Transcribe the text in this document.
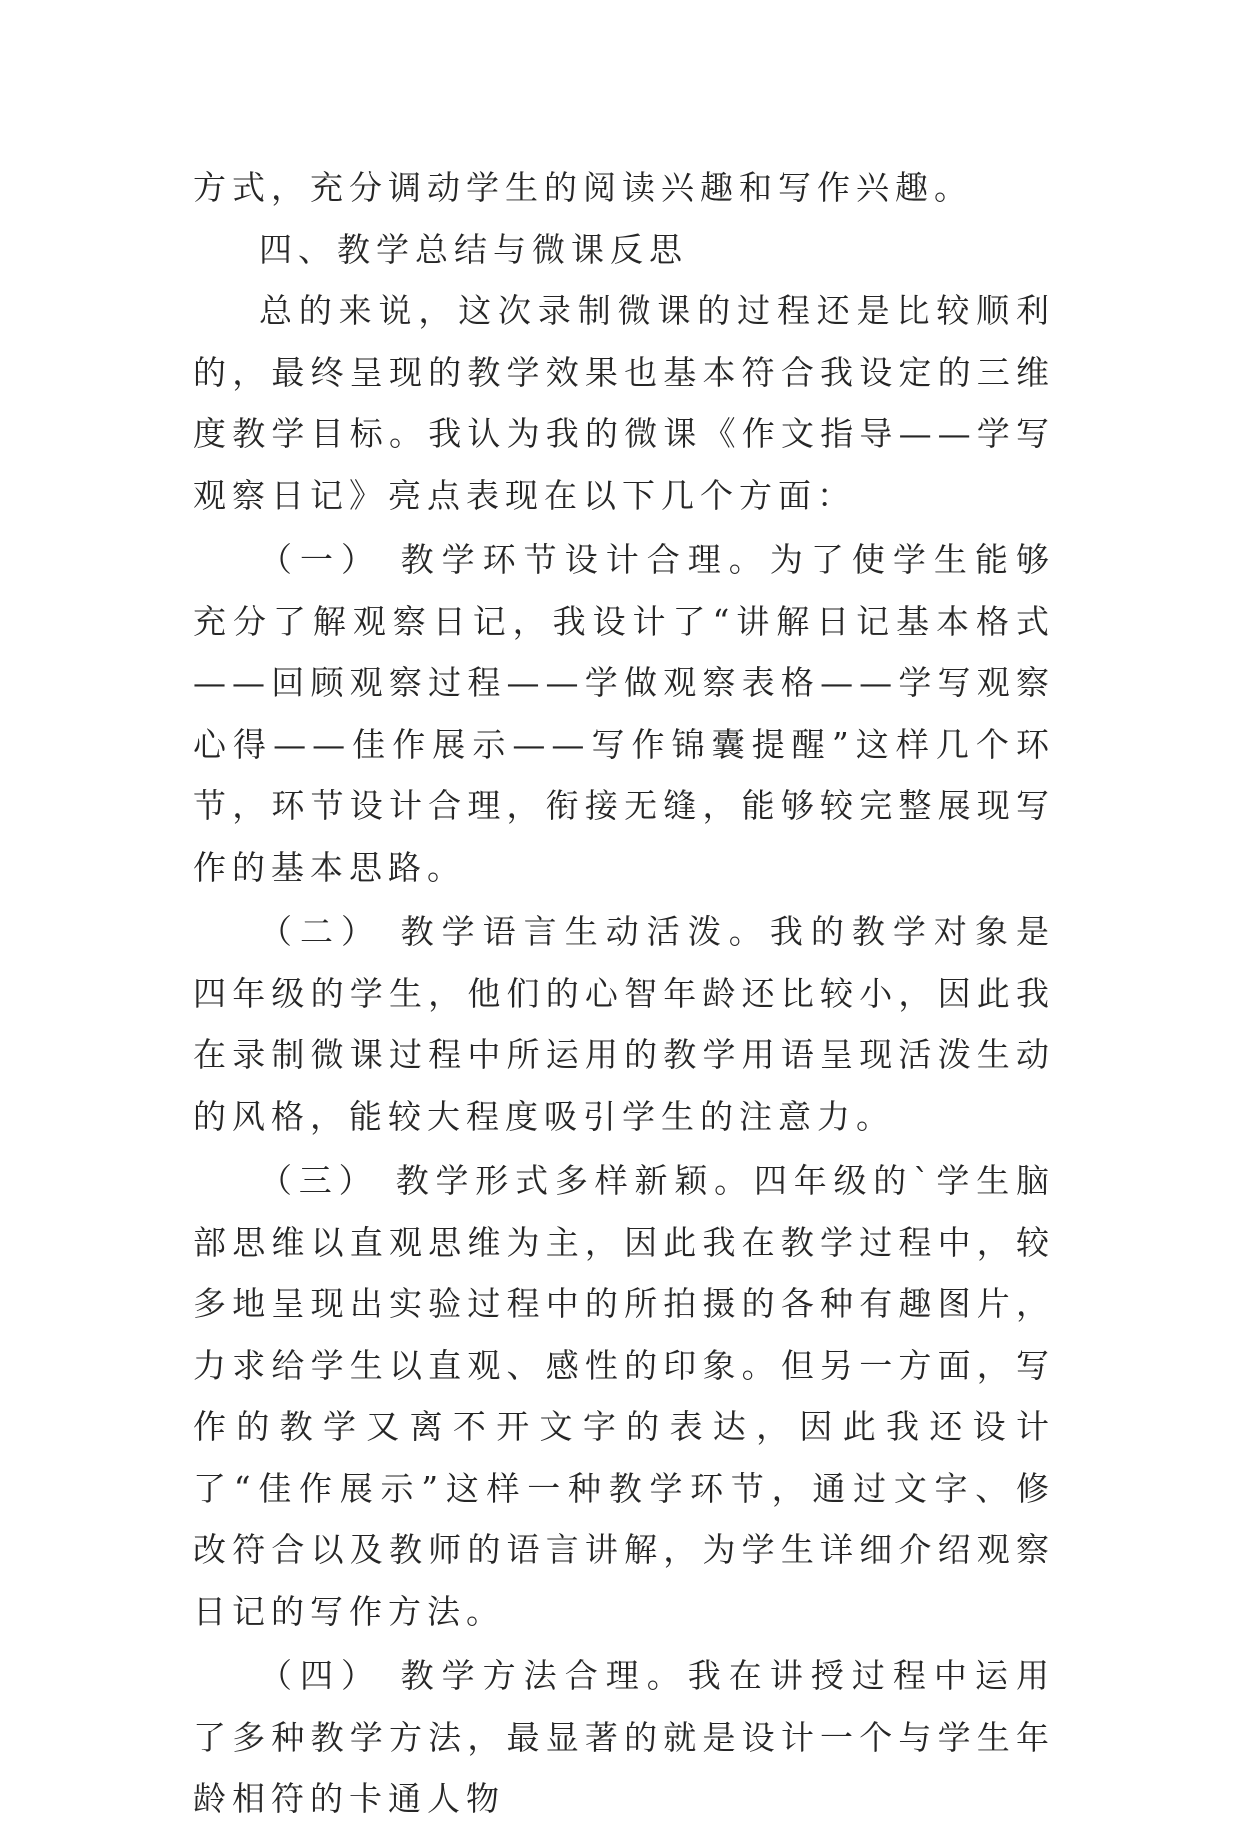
方式，充分调动学生的阅读兴趣和写作兴趣。

四、教学总结与微课反思

总的来说，这次录制微课的过程还是比较顺利的，最终呈现的教学效果也基本符合我设定的三维度教学目标。我认为我的微课《作文指导——学写观察日记》亮点表现在以下几个方面：

（一） 教学环节设计合理。为了使学生能够充分了解观察日记，我设计了“讲解日记基本格式——回顾观察过程——学做观察表格——学写观察心得——佳作展示——写作锦囊提醒”这样几个环节，环节设计合理，衔接无缝，能够较完整展现写作的基本思路。

（二） 教学语言生动活泼。我的教学对象是四年级的学生，他们的心智年龄还比较小，因此我在录制微课过程中所运用的教学用语呈现活泼生动的风格，能较大程度吸引学生的注意力。

（三） 教学形式多样新颖。四年级的`学生脑部思维以直观思维为主，因此我在教学过程中，较多地呈现出实验过程中的所拍摄的各种有趣图片，力求给学生以直观、感性的印象。但另一方面，写作的教学又离不开文字的表达，因此我还设计了“佳作展示”这样一种教学环节，通过文字、修改符合以及教师的语言讲解，为学生详细介绍观察日记的写作方法。

（四） 教学方法合理。我在讲授过程中运用了多种教学方法，最显著的就是设计一个与学生年龄相符的卡通人物
